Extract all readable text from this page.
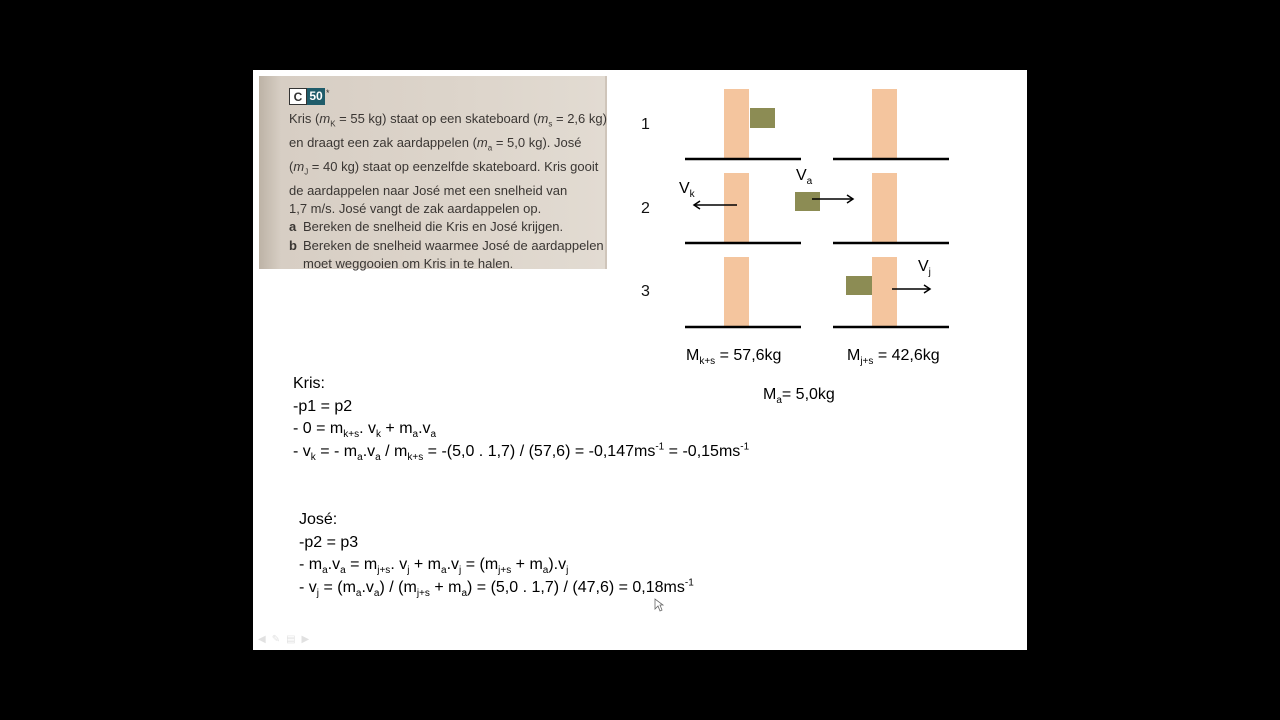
C 50 *
Kris ($m_K = 55$ kg) staat op een skateboard ($m_s = 2,6$ kg)
en draagt een zak aardappelen ($m_a = 5,0$ kg). José
($m_J = 40$ kg) staat op eenzelfde skateboard. Kris gooit
de aardappelen naar José met een snelheid van
1,7 m/s. José vangt de zak aardappelen op.
a Bereken de snelheid die Kris en José krijgen.
b Bereken de snelheid waarmee José de aardappelen
moet weggooien om Kris in te halen.
1
2
3
$V_k$
$V_a$
$V_j$
$M_{k+s} = 57,6kg$	$M_{j+s} = 42,6kg$
$M_a= 5,0kg$
Kris:
-p1 = p2
- $0 = m_{k+s}$. $v_k + m_a.v_a$
- $v_k$ = - $m_a.v_a / m_{k+s} = -(5,0$ . $1,7) / (57,6) = -0,147ms^{-1} = -0,15ms^{-1}$
José:
-p2 = p3
- $m_a.v_a = m_{j+s}$. $v_j + m_a.v_j = (m_{j+s} + m_a).v_j$
- $v_j = (m_a.v_a) / (m_{j+s} + m_a) = (5,0$ . $1,7) / (47,6) = 0,18ms^{-1}$
◀ ✎ ▤ ▶
